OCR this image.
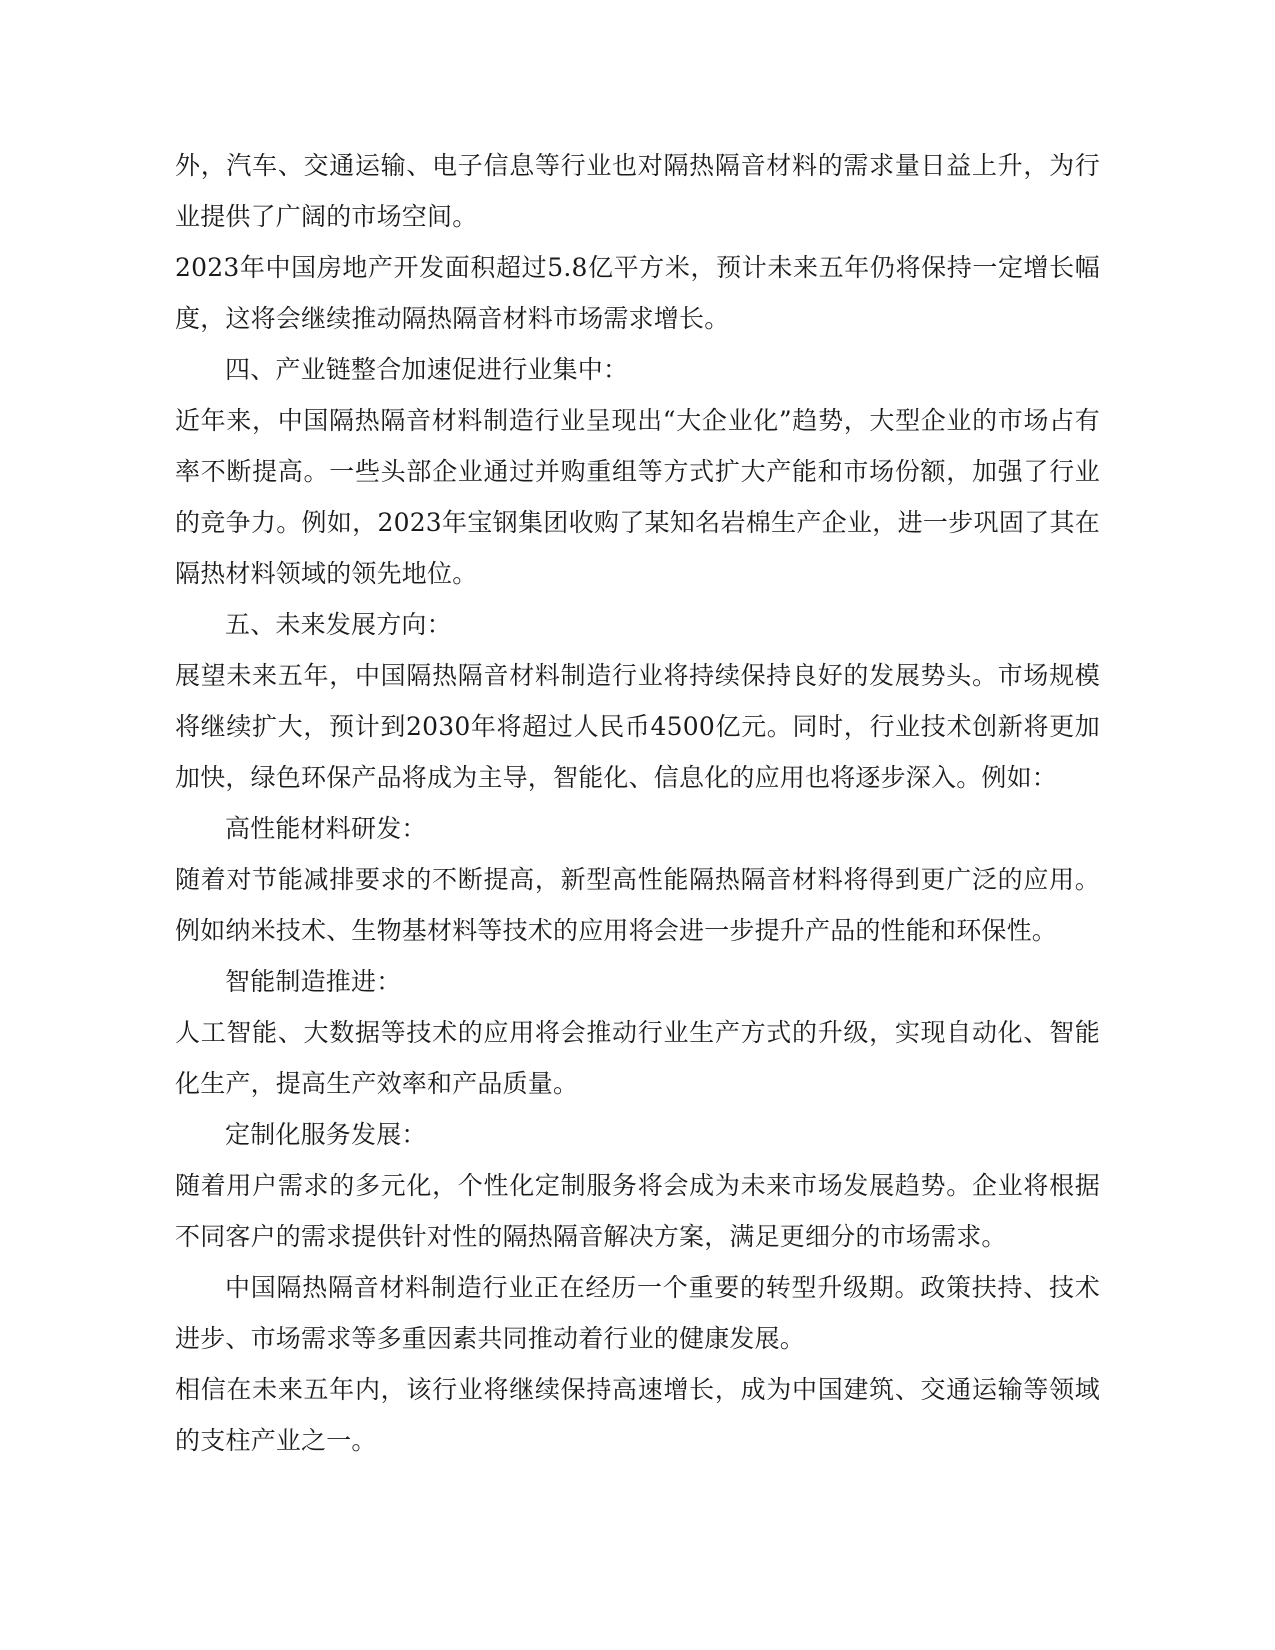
外，汽车、交通运输、电子信息等行业也对隔热隔音材料的需求量日益上升，为行业提供了广阔的市场空间。

2023年中国房地产开发面积超过5.8亿平方米，预计未来五年仍将保持一定增长幅度，这将会继续推动隔热隔音材料市场需求增长。

四、产业链整合加速促进行业集中：

近年来，中国隔热隔音材料制造行业呈现出“大企业化”趋势，大型企业的市场占有率不断提高。一些头部企业通过并购重组等方式扩大产能和市场份额，加强了行业的竞争力。例如，2023年宝钢集团收购了某知名岩棉生产企业，进一步巩固了其在隔热材料领域的领先地位。

五、未来发展方向：

展望未来五年，中国隔热隔音材料制造行业将持续保持良好的发展势头。市场规模将继续扩大，预计到2030年将超过人民币4500亿元。同时，行业技术创新将更加加快，绿色环保产品将成为主导，智能化、信息化的应用也将逐步深入。例如：

高性能材料研发：

随着对节能减排要求的不断提高，新型高性能隔热隔音材料将得到更广泛的应用。例如纳米技术、生物基材料等技术的应用将会进一步提升产品的性能和环保性。

智能制造推进：

人工智能、大数据等技术的应用将会推动行业生产方式的升级，实现自动化、智能化生产，提高生产效率和产品质量。

定制化服务发展：

随着用户需求的多元化，个性化定制服务将会成为未来市场发展趋势。企业将根据不同客户的需求提供针对性的隔热隔音解决方案，满足更细分的市场需求。

中国隔热隔音材料制造行业正在经历一个重要的转型升级期。政策扶持、技术进步、市场需求等多重因素共同推动着行业的健康发展。

相信在未来五年内，该行业将继续保持高速增长，成为中国建筑、交通运输等领域的支柱产业之一。
